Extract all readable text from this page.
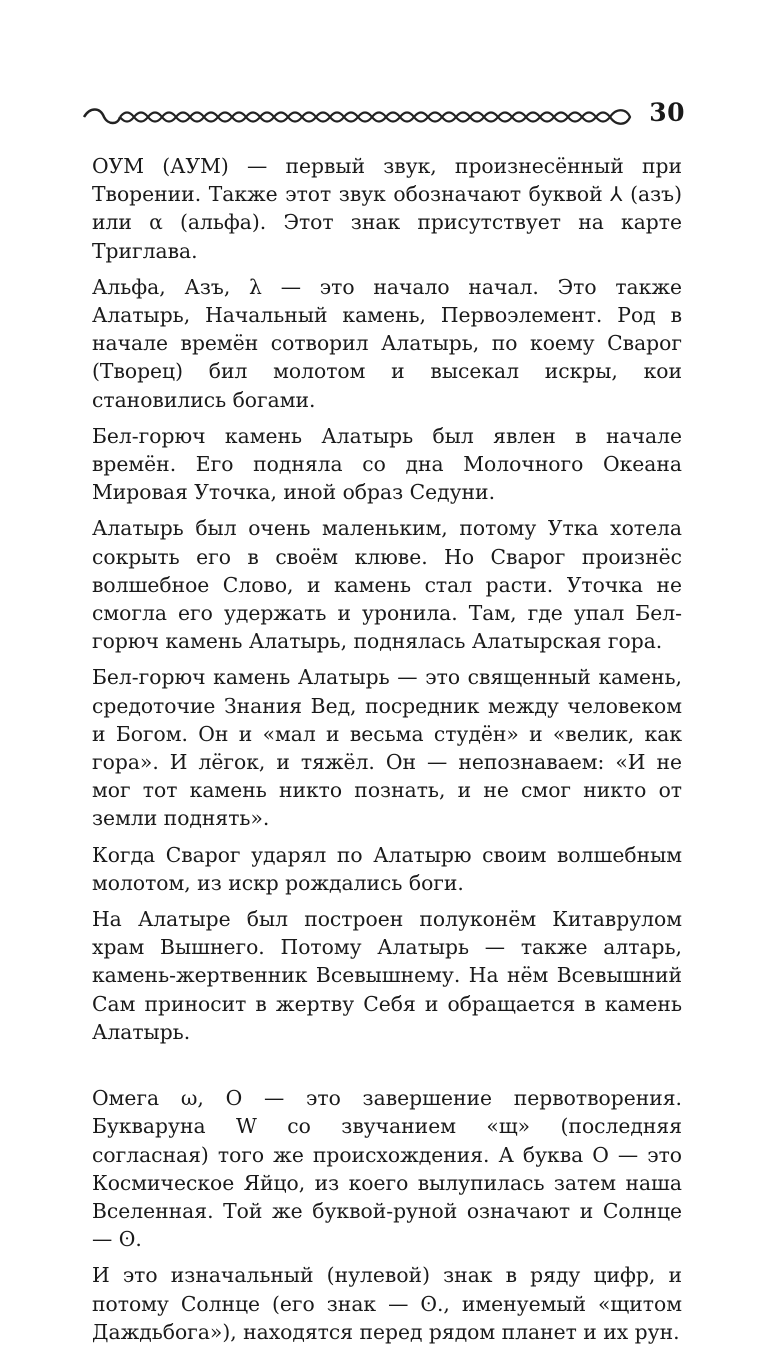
30

ОУМ (АУМ) — первый звук, произнесённый при Творении. Также этот звук обозначают буквой ⅄ (азъ) или α (альфа). Этот знак присутствует на карте Триглава.

Альфа, Азъ, λ — это начало начал. Это также Алатырь, Начальный камень, Первоэлемент. Род в начале времён сотворил Алатырь, по коему Сварог (Творец) бил молотом и высекал искры, кои становились богами.

Бел-горюч камень Алатырь был явлен в начале времён. Его подняла со дна Молочного Океана Мировая Уточка, иной образ Седуни.

Алатырь был очень маленьким, потому Утка хотела сокрыть его в своём клюве. Но Сварог произнёс волшебное Слово, и камень стал расти. Уточка не смогла его удержать и уронила. Там, где упал Бел-горюч камень Алатырь, поднялась Алатырская гора.

Бел-горюч камень Алатырь — это священный камень, средоточие Знания Вед, посредник между человеком и Богом. Он и «мал и весьма студён» и «велик, как гора». И лёгок, и тяжёл. Он — непознаваем: «И не мог тот камень никто познать, и не смог никто от земли поднять».

Когда Сварог ударял по Алатырю своим волшебным молотом, из искр рождались боги.

На Алатыре был построен полуконём Китаврулом храм Вышнего. Потому Алатырь — также алтарь, камень-жертвенник Всевышнему. На нём Всевышний Сам приносит в жертву Себя и обращается в камень Алатырь.

Омега ω, О — это завершение первотворения. Буквaруна W со звучанием «щ» (последняя согласная) того же происхождения. А буква О — это Космическое Яйцо, из коего вылупилась затем наша Вселенная. Той же буквой-руной означают и Солнце — ʘ.

И это изначальный (нулевой) знак в ряду цифр, и потому Солнце (его знак — ʘ., именуемый «щитом Даждьбога»), находятся перед рядом планет и их рун.
